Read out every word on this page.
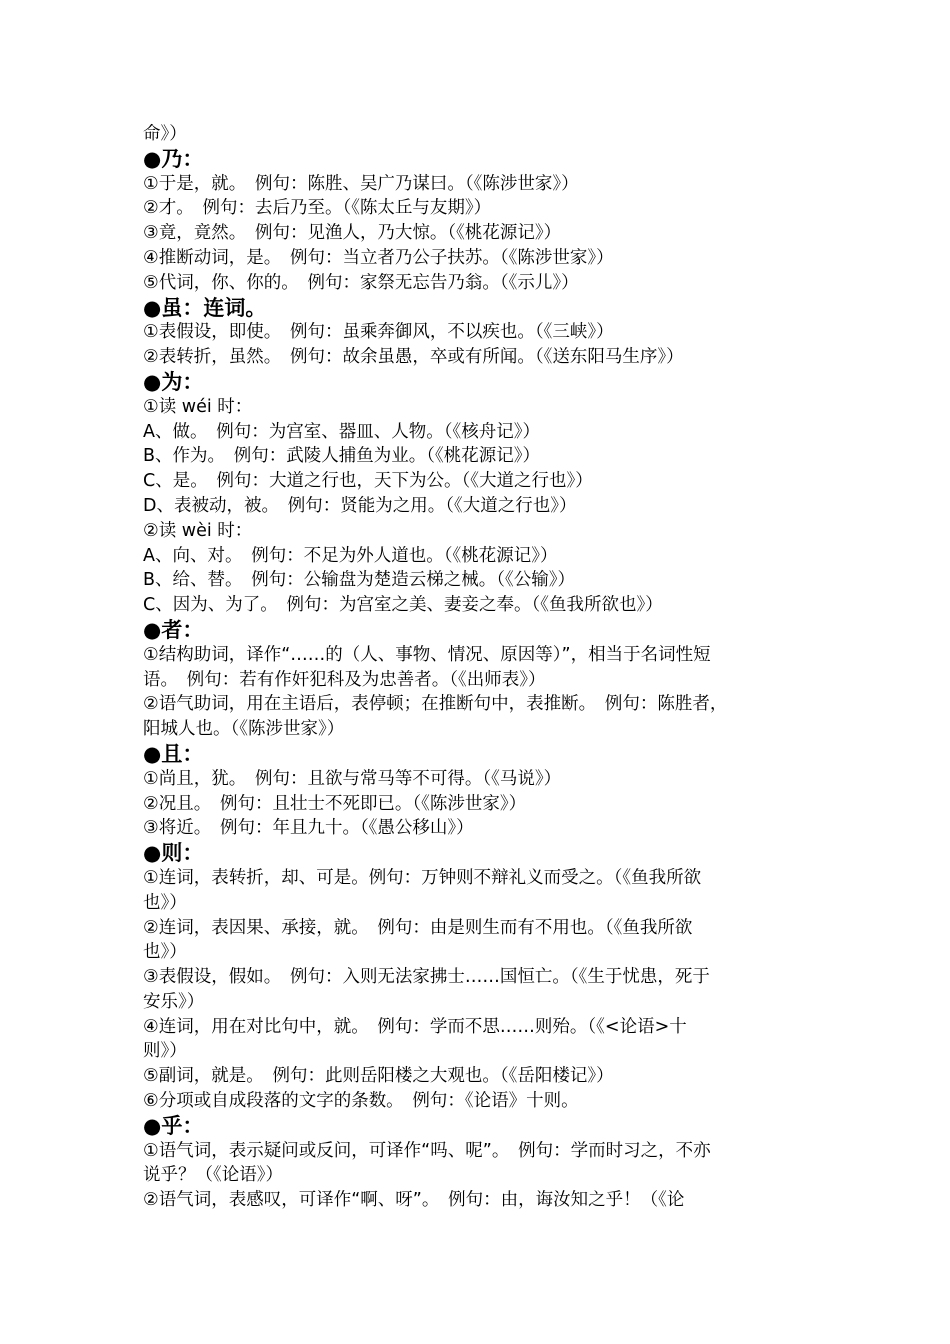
命》）
●乃：
①于是，就。　例句：陈胜、吴广乃谋曰。（《陈涉世家》）
②才。　例句：去后乃至。（《陈太丘与友期》）
③竟，竟然。　例句：见渔人，乃大惊。（《桃花源记》）
④推断动词，是。　例句：当立者乃公子扶苏。（《陈涉世家》）
⑤代词，你、你的。　例句：家祭无忘告乃翁。（《示儿》）
●虽：连词。
①表假设，即使。　例句：虽乘奔御风，不以疾也。（《三峡》）
②表转折，虽然。　例句：故余虽愚，卒或有所闻。（《送东阳马生序》）
●为：
①读 wéi 时：
A、做。　例句：为宫室、器皿、人物。（《核舟记》）
B、作为。　例句：武陵人捕鱼为业。（《桃花源记》）
C、是。　例句：大道之行也，天下为公。（《大道之行也》）
D、表被动，被。　例句：贤能为之用。（《大道之行也》）
②读 wèi 时：
A、向、对。　例句：不足为外人道也。（《桃花源记》）
B、给、替。　例句：公输盘为楚造云梯之械。（《公输》）
C、因为、为了。　例句：为宫室之美、妻妾之奉。（《鱼我所欲也》）
●者：
①结构助词，译作“……的（人、事物、情况、原因等）”，相当于名词性短
语。　例句：若有作奸犯科及为忠善者。（《出师表》）
②语气助词，用在主语后，表停顿；在推断句中，表推断。　例句：陈胜者，
阳城人也。（《陈涉世家》）
●且：
①尚且，犹。　例句：且欲与常马等不可得。（《马说》）
②况且。　例句：且壮士不死即已。（《陈涉世家》）
③将近。　例句：年且九十。（《愚公移山》）
●则：
①连词，表转折，却、可是。例句：万钟则不辩礼义而受之。（《鱼我所欲
也》）
②连词，表因果、承接，就。　例句：由是则生而有不用也。（《鱼我所欲
也》）
③表假设，假如。　例句：入则无法家拂士……国恒亡。（《生于忧患，死于
安乐》）
④连词，用在对比句中，就。　例句：学而不思……则殆。（《<论语>十
则》）
⑤副词，就是。　例句：此则岳阳楼之大观也。（《岳阳楼记》）
⑥分项或自成段落的文字的条数。　例句：《论语》十则。
●乎：
①语气词，表示疑问或反问，可译作“吗、呢”。　例句：学而时习之，不亦
说乎？（《论语》）
②语气词，表感叹，可译作“啊、呀”。　例句：由，诲汝知之乎！（《论
